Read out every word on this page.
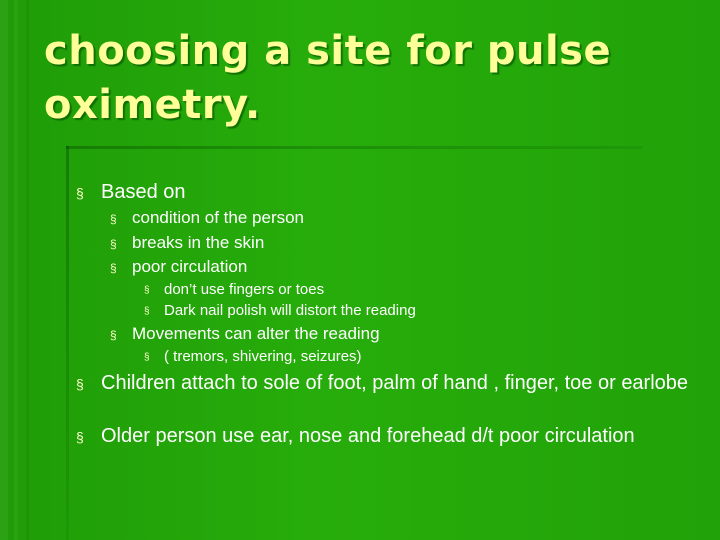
choosing a site for pulse oximetry.
§ Based on
§ condition of the person
§ breaks in the skin
§ poor circulation
§ don’t use fingers or toes
§ Dark nail polish will distort the reading
§ Movements can alter the reading
§ ( tremors, shivering, seizures)
§ Children attach to sole of foot, palm of hand , finger, toe or earlobe
§ Older person use ear, nose and forehead d/t poor circulation
